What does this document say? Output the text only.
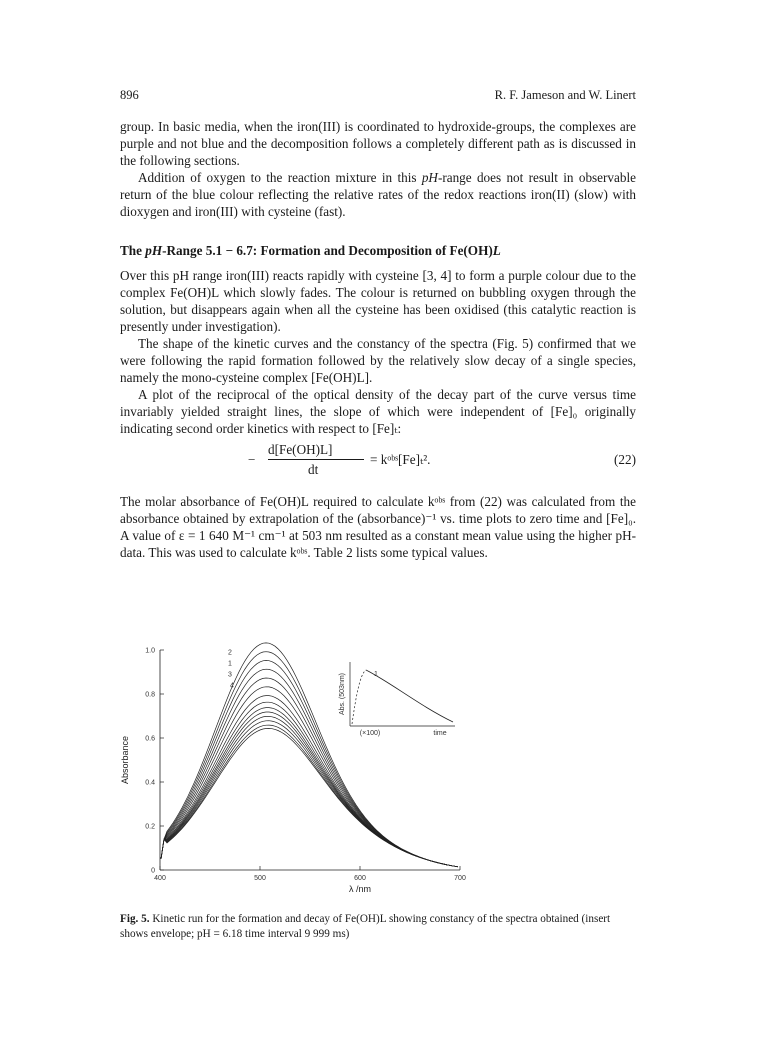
896	R. F. Jameson and W. Linert

group. In basic media, when the iron(III) is coordinated to hydroxide-groups, the complexes are purple and not blue and the decomposition follows a completely different path as is discussed in the following sections.

Addition of oxygen to the reaction mixture in this pH-range does not result in observable return of the blue colour reflecting the relative rates of the redox reactions iron(II) (slow) with dioxygen and iron(III) with cysteine (fast).

The pH-Range 5.1 − 6.7: Formation and Decomposition of Fe(OH)L

Over this pH range iron(III) reacts rapidly with cysteine [3, 4] to form a purple colour due to the complex Fe(OH)L which slowly fades. The colour is returned on bubbling oxygen through the solution, but disappears again when all the cysteine has been oxidised (this catalytic reaction is presently under investigation).

The shape of the kinetic curves and the constancy of the spectra (Fig. 5) confirmed that we were following the rapid formation followed by the relatively slow decay of a single species, namely the mono-cysteine complex [Fe(OH)L].

A plot of the reciprocal of the optical density of the decay part of the curve versus time invariably yielded straight lines, the slope of which were independent of [Fe]₀ originally indicating second order kinetics with respect to [Fe]ₜ:

−
d[Fe(OH)L]
dt
= kᵒᵇˢ[Fe]ₜ².	(22)

The molar absorbance of Fe(OH)L required to calculate kᵒᵇˢ from (22) was calculated from the absorbance obtained by extrapolation of the (absorbance)⁻¹ vs. time plots to zero time and [Fe]₀. A value of ε = 1 640 M⁻¹ cm⁻¹ at 503 nm resulted as a constant mean value using the higher pH-data. This was used to calculate kᵒᵇˢ. Table 2 lists some typical values.

0
0.2
0.4
0.6
0.8
1.0
400	500	600	700
λ /nm
Absorbance
2
1
3
4
1
Abs. (503nm)
(×100)	time
Fig. 5. Kinetic run for the formation and decay of Fe(OH)L showing constancy of the spectra obtained (insert shows envelope; pH = 6.18 time interval 9 999 ms)
